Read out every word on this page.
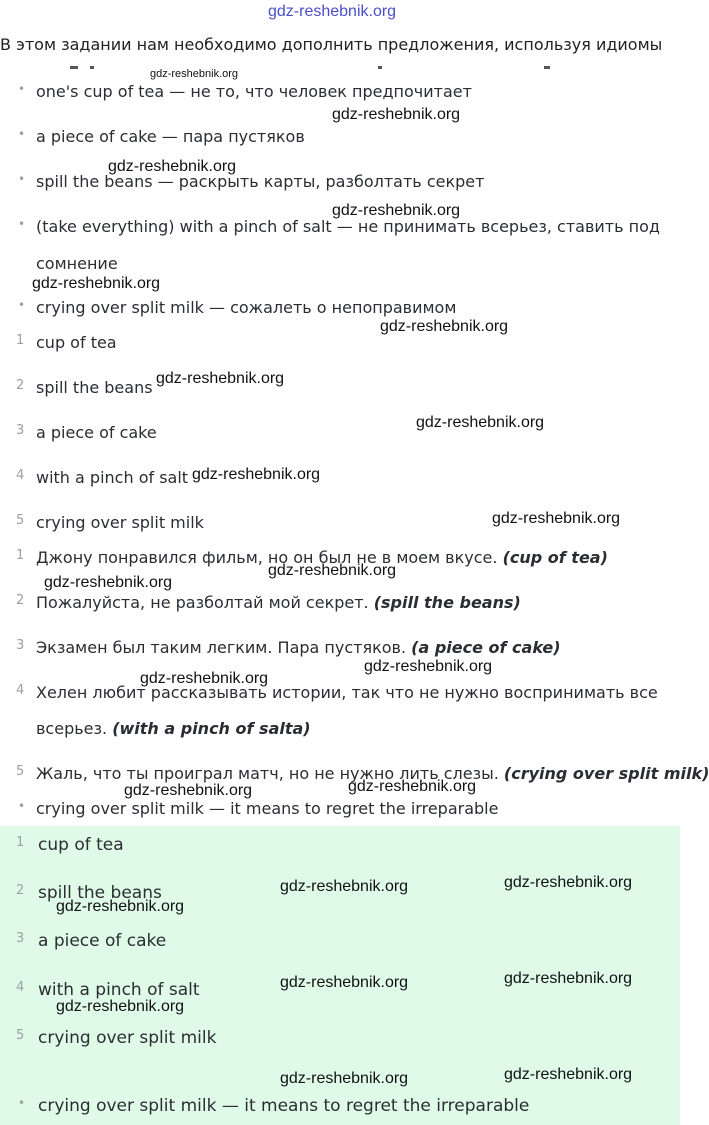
gdz-reshebnik.org
В этом задании нам необходимо дополнить предложения, используя идиомы
gdz-reshebnik.org
• one's cup of tea — не то, что человек предпочитает
• a piece of cake — пара пустяков
• spill the beans — раскрыть карты, разболтать секрет
• (take everything) with a pinch of salt — не принимать всерьез, ставить под
сомнение
• crying over split milk — сожалеть о непоправимом
1 cup of tea
2 spill the beans
3 a piece of cake
4 with a pinch of salt
5 crying over split milk
1 Джону понравился фильм, но он был не в моем вкусе. (cup of tea)
2 Пожалуйста, не разболтай мой секрет. (spill the beans)
3 Экзамен был таким легким. Пара пустяков. (a piece of cake)
4 Хелен любит рассказывать истории, так что не нужно воспринимать все
всерьез. (with a pinch of salta)
5 Жаль, что ты проиграл матч, но не нужно лить слезы. (crying over split milk)
• crying over split milk — it means to regret the irreparable
1 cup of tea
2 spill the beans
3 a piece of cake
4 with a pinch of salt
5 crying over split milk
• crying over split milk — it means to regret the irreparable
gdz-reshebnik.org
gdz-reshebnik.org
gdz-reshebnik.org
gdz-reshebnik.org
gdz-reshebnik.org
gdz-reshebnik.org
gdz-reshebnik.org
gdz-reshebnik.org
gdz-reshebnik.org
gdz-reshebnik.org
gdz-reshebnik.org
gdz-reshebnik.org
gdz-reshebnik.org
gdz-reshebnik.org
gdz-reshebnik.org
gdz-reshebnik.org	gdz-reshebnik.org
gdz-reshebnik.org
gdz-reshebnik.org	gdz-reshebnik.org
gdz-reshebnik.org
gdz-reshebnik.org	gdz-reshebnik.org
